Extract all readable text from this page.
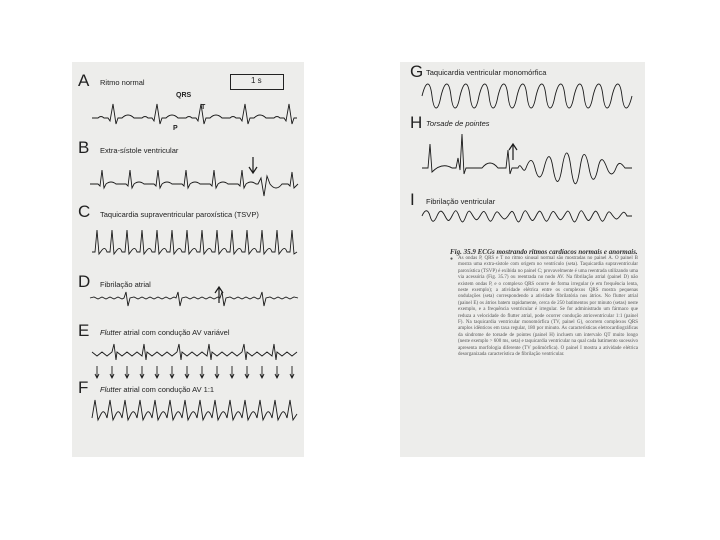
1 s
A Ritmo normal
QRS
T
P
B Extra-sístole ventricular
C Taquicardia supraventricular paroxística (TSVP)
D Fibrilação atrial
E Flutter atrial com condução AV variável
F Flutter atrial com condução AV 1:1
G Taquicardia ventricular monomórfica
H Torsade de pointes
I Fibrilação ventricular
Fig. 35.9 ECGs mostrando ritmos cardíacos normais e anormais.
● As ondas P, QRS e T no ritmo sinusal normal são mostradas no painel A. O painel B mostra uma extra-sístole com origem no ventrículo (seta). Taquicardia supraventricular paroxística (TSVP) é exibida no painel C; provavelmente é uma reentrada utilizando uma via acessória (Fig. 35.7) ou reentrada no nodo AV. Na fibrilação atrial (painel D) não existem ondas P, e o complexo QRS ocorre de forma irregular (e em frequência lenta, neste exemplo); a atividade elétrica entre os complexos QRS mostra pequenas ondulações (seta) correspondendo a atividade fibrilatória nos átrios. No flutter atrial (painel E) os átrios batem rapidamente, cerca de 250 batimentos por minuto (setas) neste exemplo, e a frequência ventricular é irregular. Se for administrado um fármaco que reduza a velocidade do flutter atrial, pode ocorrer condução atrioventricular 1:1 (painel F). Na taquicardia ventricular monomórfica (TV, painel G), ocorrem complexos QRS amplos idênticos em taxa regular, 180 por minuto. As características eletrocardiográficas da síndrome de torsade de pointes (painel H) incluem um intervalo QT muito longo (neste exemplo > 600 ms, seta) e taquicardia ventricular na qual cada batimento sucessivo apresenta morfologia diferente (TV polimórfica). O painel I mostra a atividade elétrica desorganizada característica de fibrilação ventricular.
